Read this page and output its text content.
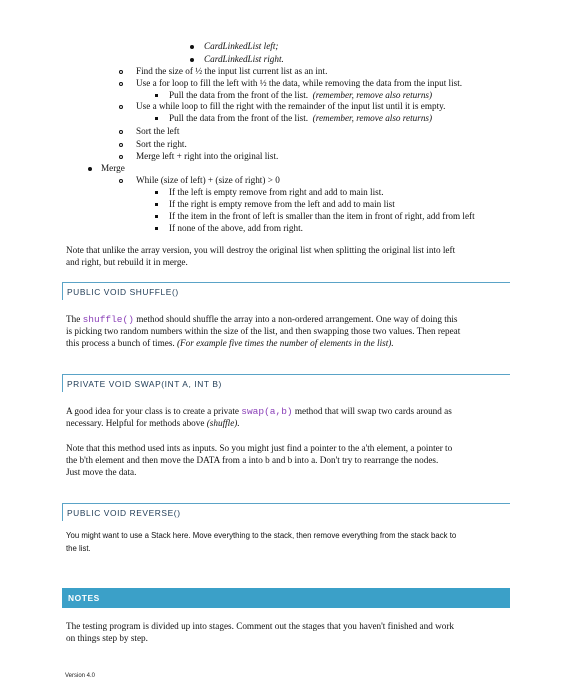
CardLinkedList left;
CardLinkedList right.
Find the size of ½ the input list current list as an int.
Use a for loop to fill the left with ½ the data, while removing the data from the input list.
Pull the data from the front of the list. (remember, remove also returns)
Use a while loop to fill the right with the remainder of the input list until it is empty.
Pull the data from the front of the list. (remember, remove also returns)
Sort the left
Sort the right.
Merge left + right into the original list.
Merge
While (size of left) + (size of right) > 0
If the left is empty remove from right and add to main list.
If the right is empty remove from the left and add to main list
If the item in the front of left is smaller than the item in front of right, add from left
If none of the above, add from right.
Note that unlike the array version, you will destroy the original list when splitting the original list into left
and right, but rebuild it in merge.
PUBLIC VOID SHUFFLE()
The shuffle() method should shuffle the array into a non-ordered arrangement. One way of doing this
is picking two random numbers within the size of the list, and then swapping those two values. Then repeat
this process a bunch of times. (For example five times the number of elements in the list).
PRIVATE VOID SWAP(INT A, INT B)
A good idea for your class is to create a private swap(a,b) method that will swap two cards around as
necessary. Helpful for methods above (shuffle).
Note that this method used ints as inputs. So you might just find a pointer to the a'th element, a pointer to
the b'th element and then move the DATA from a into b and b into a. Don't try to rearrange the nodes.
Just move the data.
PUBLIC VOID REVERSE()
You might want to use a Stack here. Move everything to the stack, then remove everything from the stack back to
the list.
NOTES
The testing program is divided up into stages. Comment out the stages that you haven't finished and work
on things step by step.
Version 4.0
